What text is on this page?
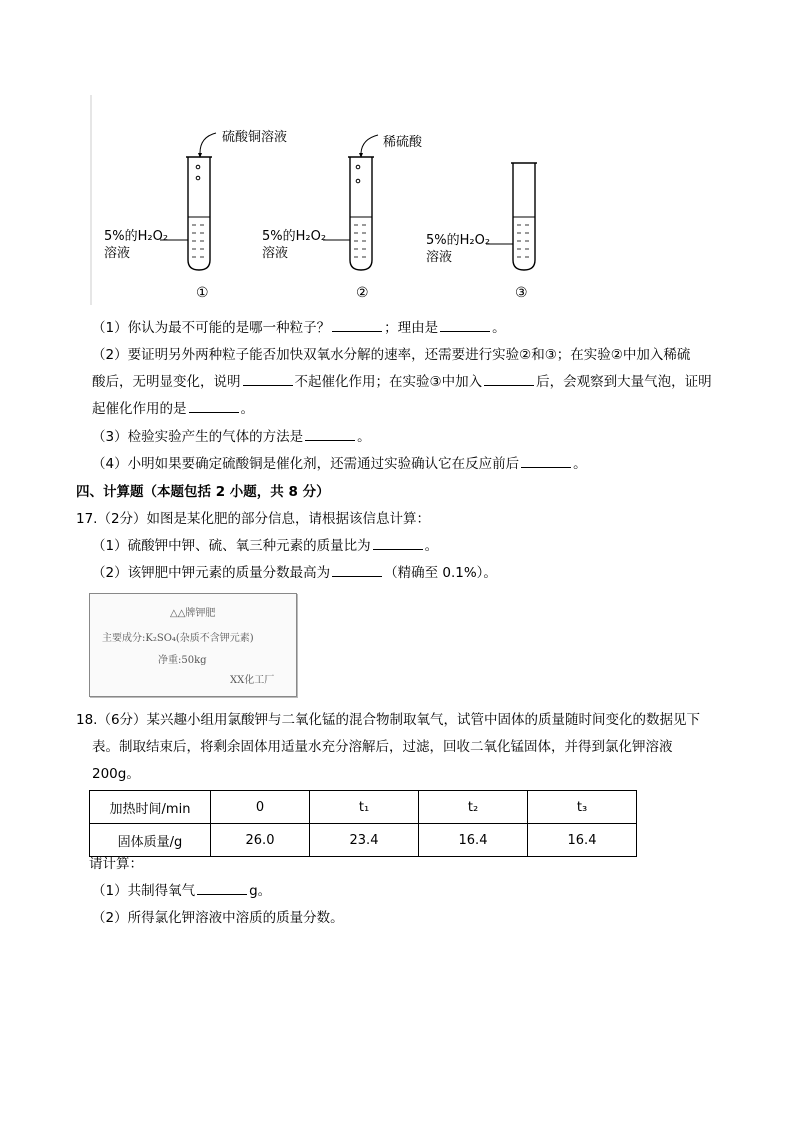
硫酸铜溶液	稀硫酸
5%的H₂O₂
溶液
5%的H₂O₂
溶液
5%的H₂O₂
溶液
①	②	③
（1）你认为最不可能的是哪一种粒子？	；理由是	。
（2）要证明另外两种粒子能否加快双氧水分解的速率，还需要进行实验②和③；在实验②中加入稀硫
酸后，无明显变化，说明	不起催化作用；在实验③中加入	后，会观察到大量气泡，证明
起催化作用的是	。
（3）检验实验产生的气体的方法是	。
（4）小明如果要确定硫酸铜是催化剂，还需通过实验确认它在反应前后	。
四、计算题（本题包括 2 小题，共 8 分）
17.（2分）如图是某化肥的部分信息，请根据该信息计算：
（1）硫酸钾中钾、硫、氧三种元素的质量比为	。
（2）该钾肥中钾元素的质量分数最高为	（精确至 0.1%）。
△△牌钾肥
主要成分:K₂SO₄(杂质不含钾元素)
净重:50kg
XX化工厂
18.（6分）某兴趣小组用氯酸钾与二氧化锰的混合物制取氧气，试管中固体的质量随时间变化的数据见下
表。制取结束后，将剩余固体用适量水充分溶解后，过滤，回收二氧化锰固体，并得到氯化钾溶液
200g。
加热时间/min	0	t₁	t₂	t₃
固体质量/g	26.0	23.4	16.4	16.4
请计算：
（1）共制得氧气	g。
（2）所得氯化钾溶液中溶质的质量分数。
